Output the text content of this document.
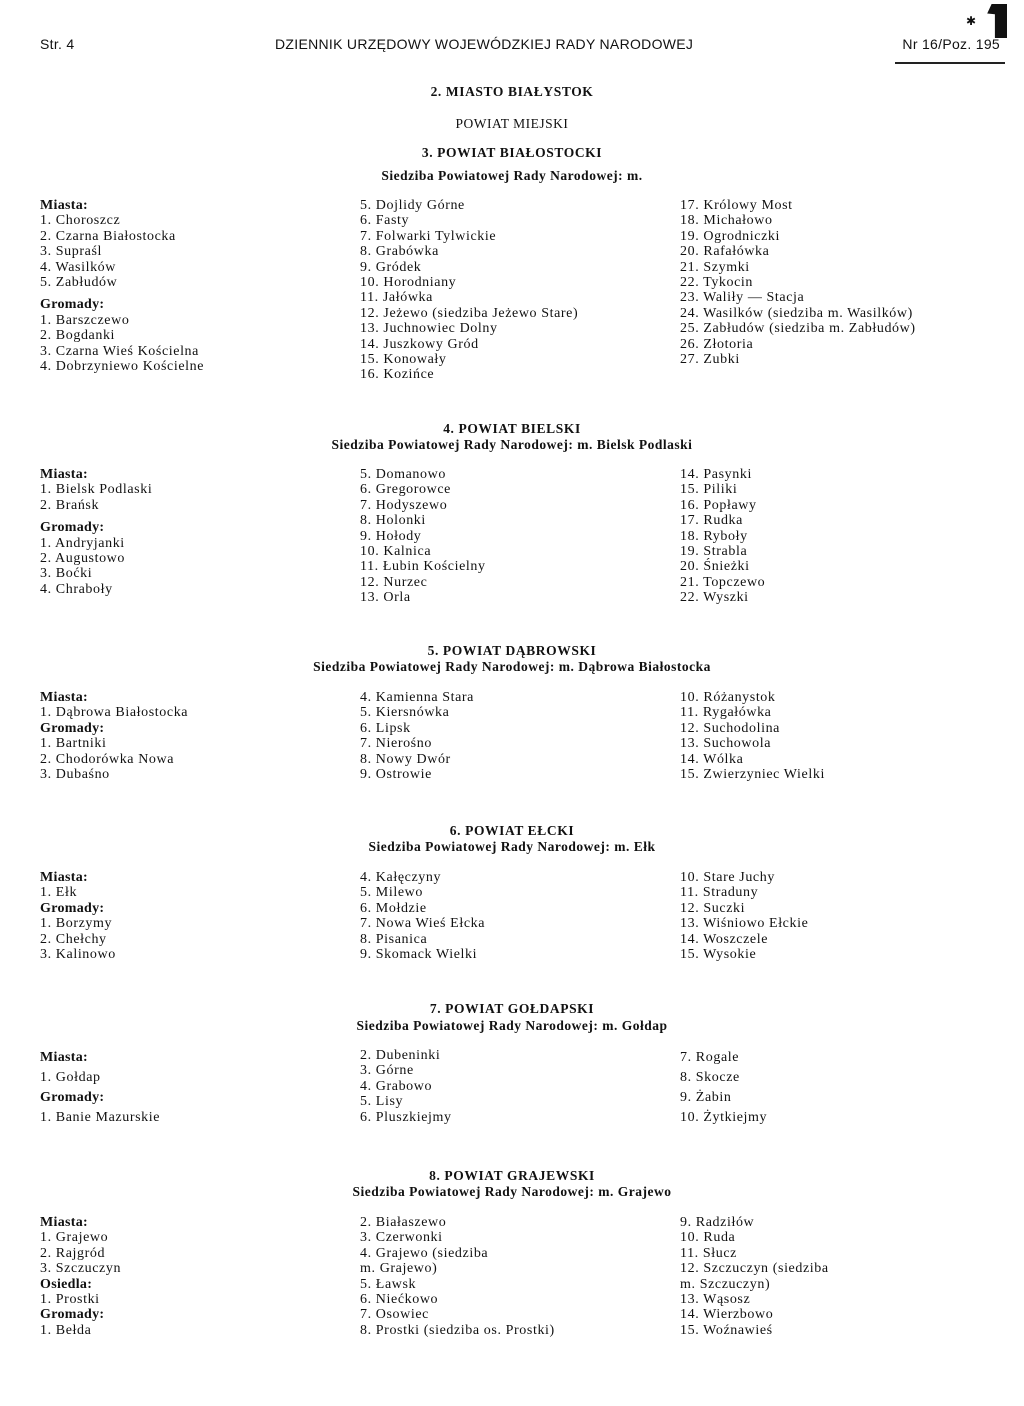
✱
Str. 4	DZIENNIK URZĘDOWY WOJEWÓDZKIEJ RADY NARODOWEJ	Nr 16/Poz. 195
2. MIASTO BIAŁYSTOK
POWIAT MIEJSKI
3. POWIAT BIAŁOSTOCKI
Siedziba Powiatowej Rady Narodowej: m.
Miasta:
1. Choroszcz
2. Czarna Białostocka
3. Supraśl
4. Wasilków
5. Zabłudów
Gromady:
1. Barszczewo
2. Bogdanki
3. Czarna Wieś Kościelna
4. Dobrzyniewo Kościelne
5. Dojlidy Górne
6. Fasty
7. Folwarki Tylwickie
8. Grabówka
9. Gródek
10. Horodniany
11. Jałówka
12. Jeżewo (siedziba Jeżewo Stare)
13. Juchnowiec Dolny
14. Juszkowy Gród
15. Konowały
16. Kozińce
17. Królowy Most
18. Michałowo
19. Ogrodniczki
20. Rafałówka
21. Szymki
22. Tykocin
23. Waliły — Stacja
24. Wasilków (siedziba m. Wasilków)
25. Zabłudów (siedziba m. Zabłudów)
26. Złotoria
27. Zubki
4. POWIAT BIELSKI
Siedziba Powiatowej Rady Narodowej: m. Bielsk Podlaski
Miasta:
1. Bielsk Podlaski
2. Brańsk
Gromady:
1. Andryjanki
2. Augustowo
3. Boćki
4. Chraboły
5. Domanowo
6. Gregorowce
7. Hodyszewo
8. Holonki
9. Hołody
10. Kalnica
11. Łubin Kościelny
12. Nurzec
13. Orla
14. Pasynki
15. Piliki
16. Popławy
17. Rudka
18. Ryboły
19. Strabla
20. Śnieżki
21. Topczewo
22. Wyszki
5. POWIAT DĄBROWSKI
Siedziba Powiatowej Rady Narodowej: m. Dąbrowa Białostocka
Miasta:
1. Dąbrowa Białostocka
Gromady:
1. Bartniki
2. Chodorówka Nowa
3. Dubaśno
4. Kamienna Stara
5. Kiersnówka
6. Lipsk
7. Nierośno
8. Nowy Dwór
9. Ostrowie
10. Różanystok
11. Rygałówka
12. Suchodolina
13. Suchowola
14. Wólka
15. Zwierzyniec Wielki
6. POWIAT EŁCKI
Siedziba Powiatowej Rady Narodowej: m. Ełk
Miasta:
1. Ełk
Gromady:
1. Borzymy
2. Chełchy
3. Kalinowo
4. Kałęczyny
5. Milewo
6. Mołdzie
7. Nowa Wieś Ełcka
8. Pisanica
9. Skomack Wielki
10. Stare Juchy
11. Straduny
12. Suczki
13. Wiśniowo Ełckie
14. Woszczele
15. Wysokie
7. POWIAT GOŁDAPSKI
Siedziba Powiatowej Rady Narodowej: m. Gołdap
Miasta:
1. Gołdap
Gromady:
1. Banie Mazurskie
2. Dubeninki
3. Górne
4. Grabowo
5. Lisy
6. Pluszkiejmy
7. Rogale
8. Skocze
9. Żabin
10. Żytkiejmy
8. POWIAT GRAJEWSKI
Siedziba Powiatowej Rady Narodowej: m. Grajewo
Miasta:
1. Grajewo
2. Rajgród
3. Szczuczyn
Osiedla:
1. Prostki
Gromady:
1. Bełda
2. Białaszewo
3. Czerwonki
4. Grajewo (siedziba
m. Grajewo)
5. Ławsk
6. Niećkowo
7. Osowiec
8. Prostki (siedziba os. Prostki)
9. Radziłów
10. Ruda
11. Słucz
12. Szczuczyn (siedziba
m. Szczuczyn)
13. Wąsosz
14. Wierzbowo
15. Woźnawieś
